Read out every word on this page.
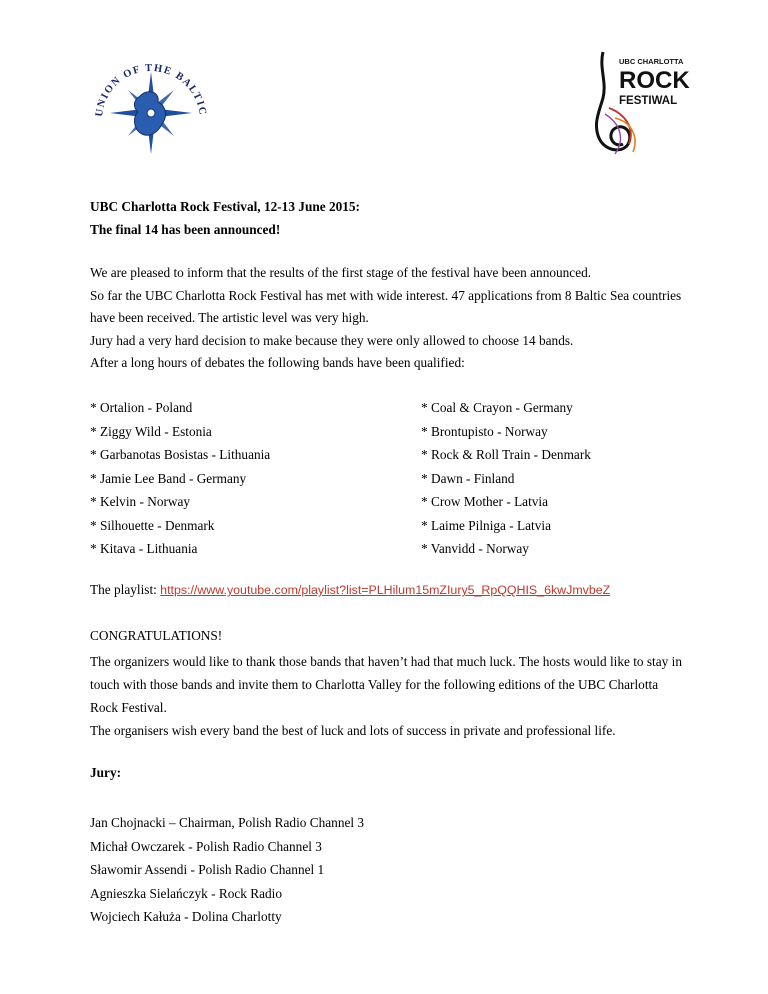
UNION OF THE BALTIC
UBC CHARLOTTA
ROCK
FESTIWAL
UBC Charlotta Rock Festival, 12-13 June 2015:
The final 14 has been announced!
We are pleased to inform that the results of the first stage of the festival have been announced.
So far the UBC Charlotta Rock Festival has met with wide interest. 47 applications from 8 Baltic Sea countries have been received. The artistic level was very high.
Jury had a very hard decision to make because they were only allowed to choose 14 bands.
After a long hours of debates the following bands have been qualified:
* Ortalion - Poland
* Ziggy Wild - Estonia
* Garbanotas Bosistas - Lithuania
* Jamie Lee Band - Germany
* Kelvin - Norway
* Silhouette - Denmark
* Kitava - Lithuania
* Coal & Crayon - Germany
* Brontupisto - Norway
* Rock & Roll Train - Denmark
* Dawn - Finland
* Crow Mother - Latvia
* Laime Pilniga - Latvia
* Vanvidd - Norway
The playlist: https://www.youtube.com/playlist?list=PLHilum15mZIury5_RpQQHIS_6kwJmvbeZ
CONGRATULATIONS!
The organizers would like to thank those bands that haven’t had that much luck. The hosts would like to stay in touch with those bands and invite them to Charlotta Valley for the following editions of the UBC Charlotta Rock Festival.
The organisers wish every band the best of luck and lots of success in private and professional life.
Jury:
Jan Chojnacki – Chairman, Polish Radio Channel 3
Michał Owczarek - Polish Radio Channel 3
Sławomir Assendi - Polish Radio Channel 1
Agnieszka Sielańczyk - Rock Radio
Wojciech Kałuża - Dolina Charlotty
